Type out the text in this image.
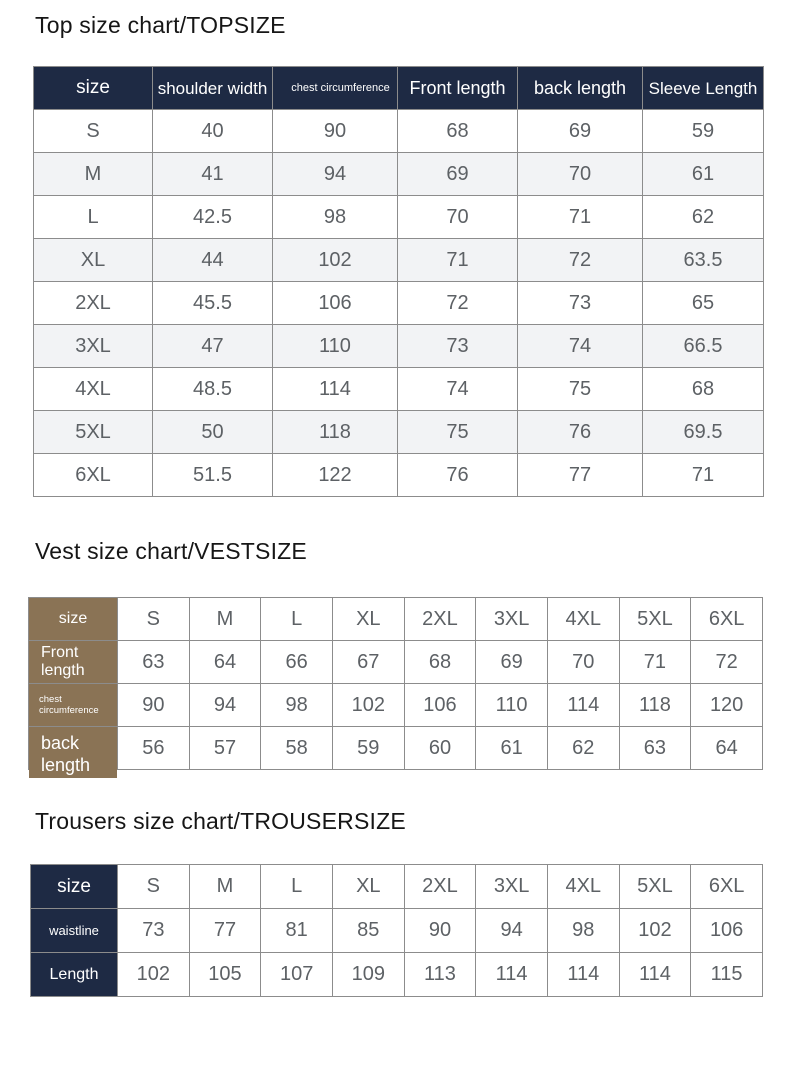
Top size chart/TOPSIZE
size	shoulder width	chest circumference	Front length	back length	Sleeve Length
S	40	90	68	69	59
M	41	94	69	70	61
L	42.5	98	70	71	62
XL	44	102	71	72	63.5
2XL	45.5	106	72	73	65
3XL	47	110	73	74	66.5
4XL	48.5	114	74	75	68
5XL	50	118	75	76	69.5
6XL	51.5	122	76	77	71
Vest size chart/VESTSIZE
size	S	M	L	XL	2XL	3XL	4XL	5XL	6XL
Front length	63	64	66	67	68	69	70	71	72
chest circumference	90	94	98	102	106	110	114	118	120

back length	56	57	58	59	60	61	62	63	64
Trousers size chart/TROUSERSIZE
size	S	M	L	XL	2XL	3XL	4XL	5XL	6XL
waistline	73	77	81	85	90	94	98	102	106
Length	102	105	107	109	113	114	114	114	115
